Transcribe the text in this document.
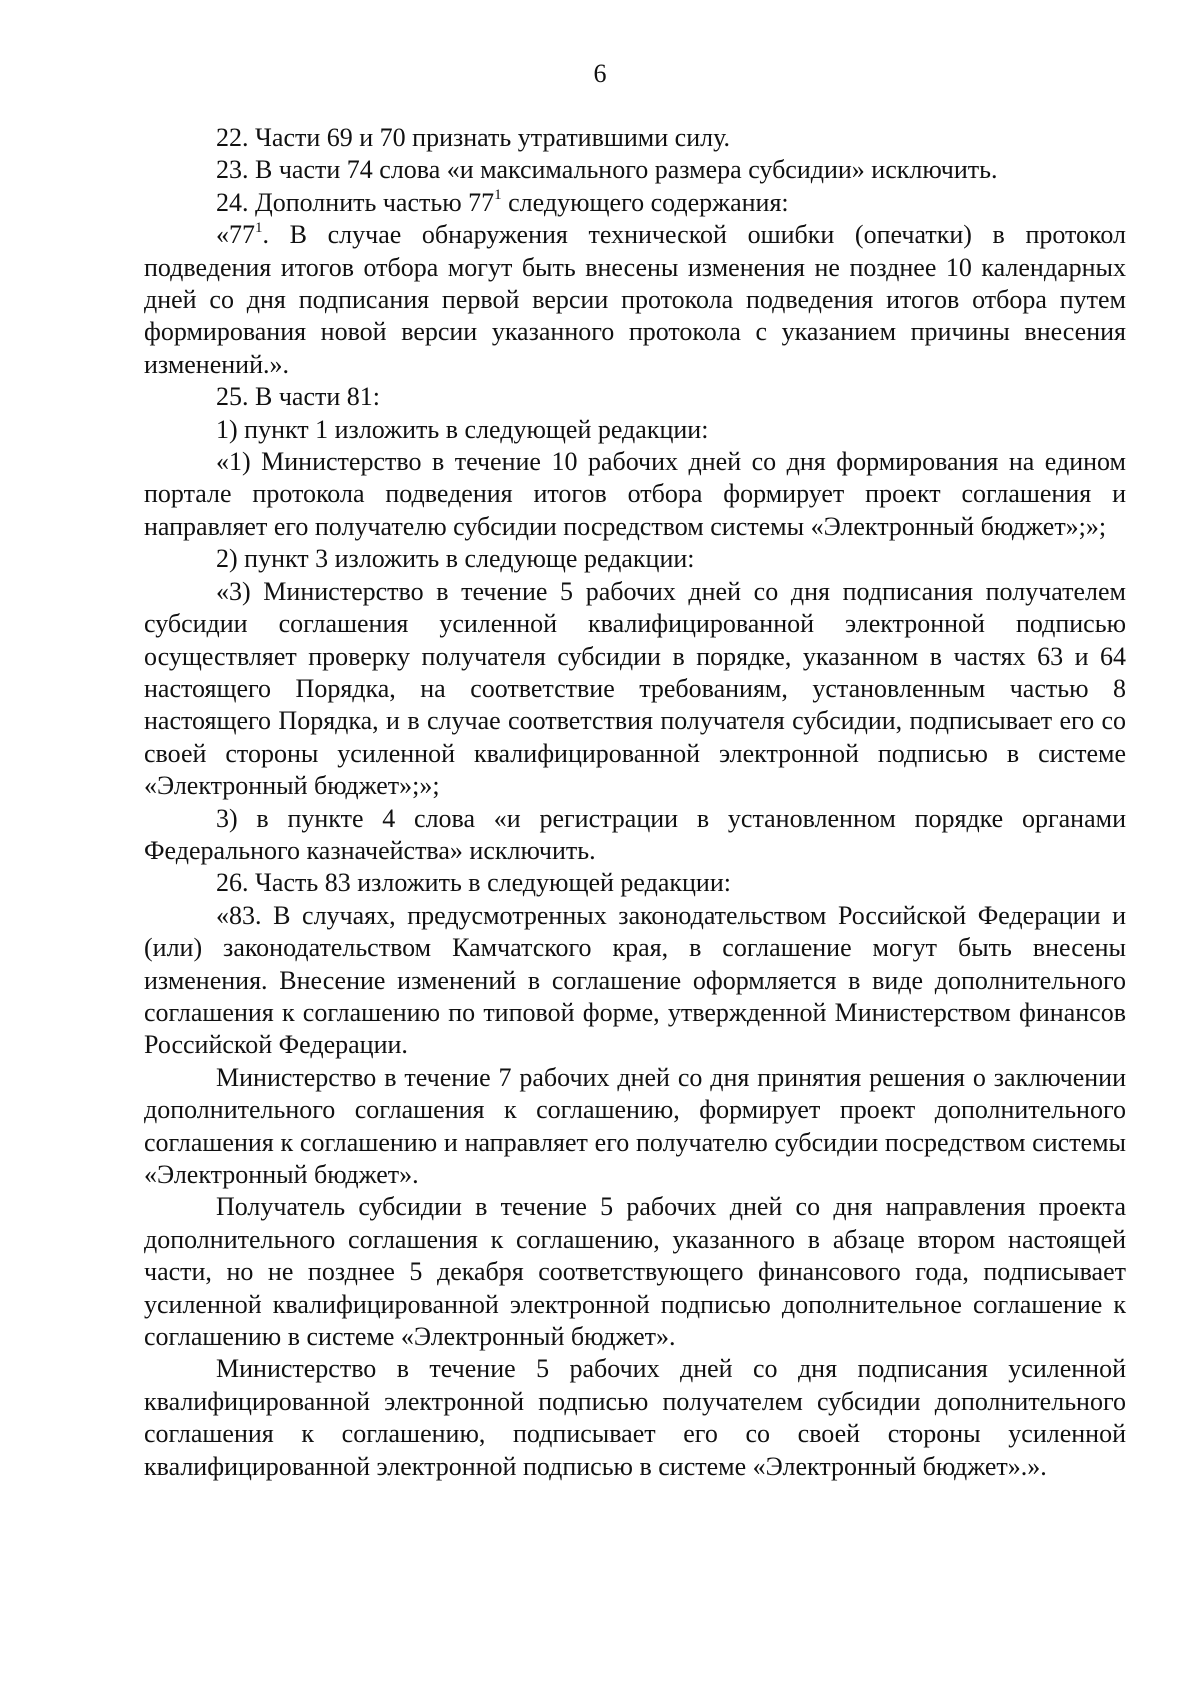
6

22. Части 69 и 70 признать утратившими силу.

23. В части 74 слова «и максимального размера субсидии» исключить.

24. Дополнить частью $77^1$ следующего содержания:

«$77^1$. В случае обнаружения технической ошибки (опечатки) в протокол подведения итогов отбора могут быть внесены изменения не позднее 10 календарных дней со дня подписания первой версии протокола подведения итогов отбора путем формирования новой версии указанного протокола с указанием причины внесения изменений.».

25. В части 81:

1) пункт 1 изложить в следующей редакции:

«1) Министерство в течение 10 рабочих дней со дня формирования на едином портале протокола подведения итогов отбора формирует проект соглашения и направляет его получателю субсидии посредством системы «Электронный бюджет»;»;

2) пункт 3 изложить в следующе редакции:

«3) Министерство в течение 5 рабочих дней со дня подписания получателем субсидии соглашения усиленной квалифицированной электронной подписью осуществляет проверку получателя субсидии в порядке, указанном в частях 63 и 64 настоящего Порядка, на соответствие требованиям, установленным частью 8 настоящего Порядка, и в случае соответствия получателя субсидии, подписывает его со своей стороны усиленной квалифицированной электронной подписью в системе «Электронный бюджет»;»;

3) в пункте 4 слова «и регистрации в установленном порядке органами Федерального казначейства» исключить.

26. Часть 83 изложить в следующей редакции:

«83. В случаях, предусмотренных законодательством Российской Федерации и (или) законодательством Камчатского края, в соглашение могут быть внесены изменения. Внесение изменений в соглашение оформляется в виде дополнительного соглашения к соглашению по типовой форме, утвержденной Министерством финансов Российской Федерации.

Министерство в течение 7 рабочих дней со дня принятия решения о заключении дополнительного соглашения к соглашению, формирует проект дополнительного соглашения к соглашению и направляет его получателю субсидии посредством системы «Электронный бюджет».

Получатель субсидии в течение 5 рабочих дней со дня направления проекта дополнительного соглашения к соглашению, указанного в абзаце втором настоящей части, но не позднее 5 декабря соответствующего финансового года, подписывает усиленной квалифицированной электронной подписью дополнительное соглашение к соглашению в системе «Электронный бюджет».

Министерство в течение 5 рабочих дней со дня подписания усиленной квалифицированной электронной подписью получателем субсидии дополнительного соглашения к соглашению, подписывает его со своей стороны усиленной квалифицированной электронной подписью в системе «Электронный бюджет».».
